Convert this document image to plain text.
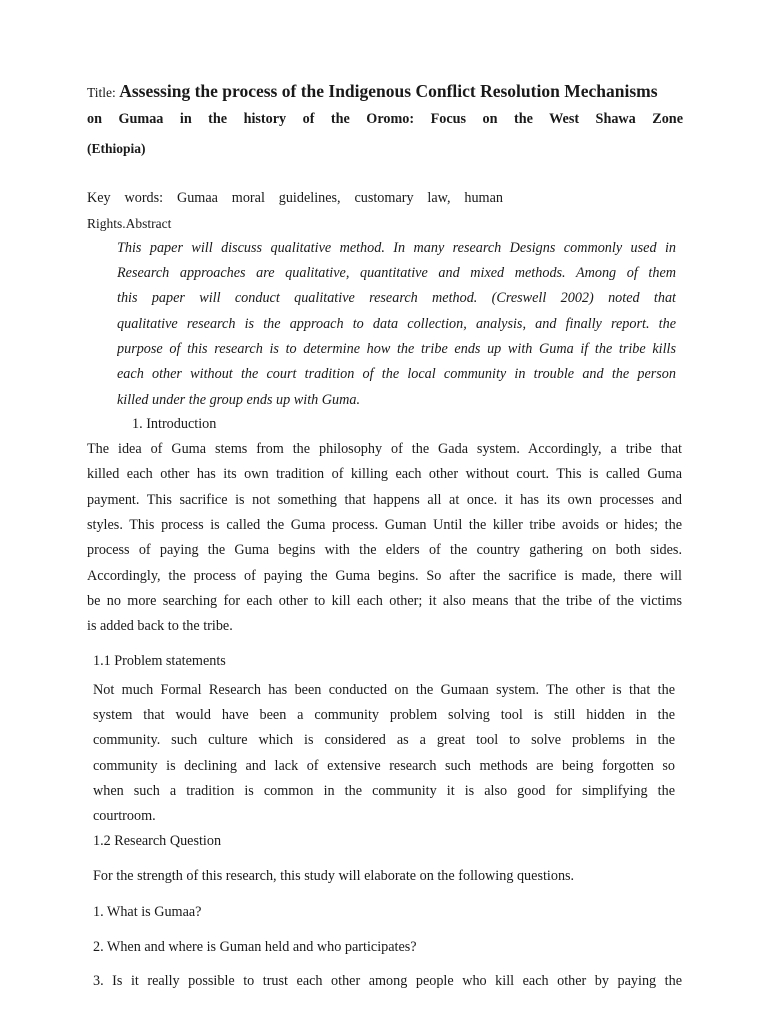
Title: Assessing the process of the Indigenous Conflict Resolution Mechanisms
on Gumaa in the history of the Oromo: Focus on the West Shawa Zone
(Ethiopia)
Key words: Gumaa moral guidelines, customary law, human
Rights.Abstract
This paper will discuss qualitative method. In many research Designs commonly used in
Research approaches are qualitative, quantitative and mixed methods. Among of them
this paper will conduct qualitative research method. (Creswell 2002) noted that
qualitative research is the approach to data collection, analysis, and finally report. the
purpose of this research is to determine how the tribe ends up with Guma if the tribe kills
each other without the court tradition of the local community in trouble and the person
killed under the group ends up with Guma.
1. Introduction
The idea of Guma stems from the philosophy of the Gada system. Accordingly, a tribe that
killed each other has its own tradition of killing each other without court. This is called Guma
payment. This sacrifice is not something that happens all at once. it has its own processes and
styles. This process is called the Guma process. Guman Until the killer tribe avoids or hides; the
process of paying the Guma begins with the elders of the country gathering on both sides.
Accordingly, the process of paying the Guma begins. So after the sacrifice is made, there will
be no more searching for each other to kill each other; it also means that the tribe of the victims
is added back to the tribe.
1.1 Problem statements
Not much Formal Research has been conducted on the Gumaan system. The other is that the
system that would have been a community problem solving tool is still hidden in the
community. such culture which is considered as a great tool to solve problems in the
community is declining and lack of extensive research such methods are being forgotten so
when such a tradition is common in the community it is also good for simplifying the
courtroom.
1.2 Research Question
For the strength of this research, this study will elaborate on the following questions.
1. What is Gumaa?
2. When and where is Guman held and who participates?
3. Is it really possible to trust each other among people who kill each other by paying the
